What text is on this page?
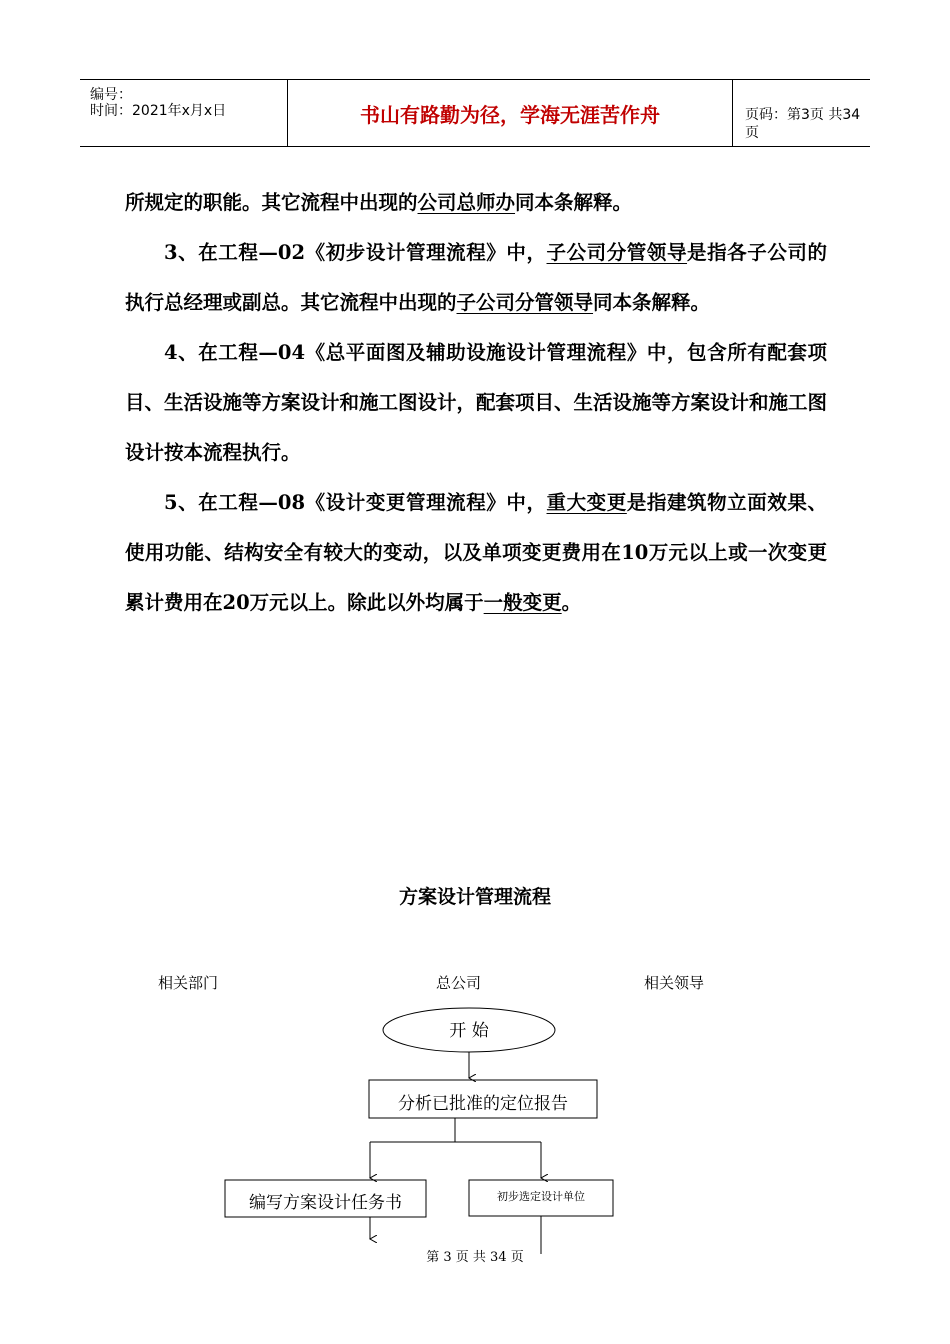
编号：
时间：2021年x月x日	书山有路勤为径，学海无涯苦作舟	页码：第3页 共34页

所规定的职能。其它流程中出现的公司总师办同本条解释。

3、在工程—02《初步设计管理流程》中，子公司分管领导是指各子公司的执行总经理或副总。其它流程中出现的子公司分管领导同本条解释。

4、在工程—04《总平面图及辅助设施设计管理流程》中，包含所有配套项目、生活设施等方案设计和施工图设计，配套项目、生活设施等方案设计和施工图设计按本流程执行。

5、在工程—08《设计变更管理流程》中，重大变更是指建筑物立面效果、使用功能、结构安全有较大的变动，以及单项变更费用在10万元以上或一次变更累计费用在20万元以上。除此以外均属于一般变更。

方案设计管理流程
相关部门	总公司	相关领导
开 始
分析已批准的定位报告
编写方案设计任务书	初步选定设计单位
第 3 页 共 34 页
